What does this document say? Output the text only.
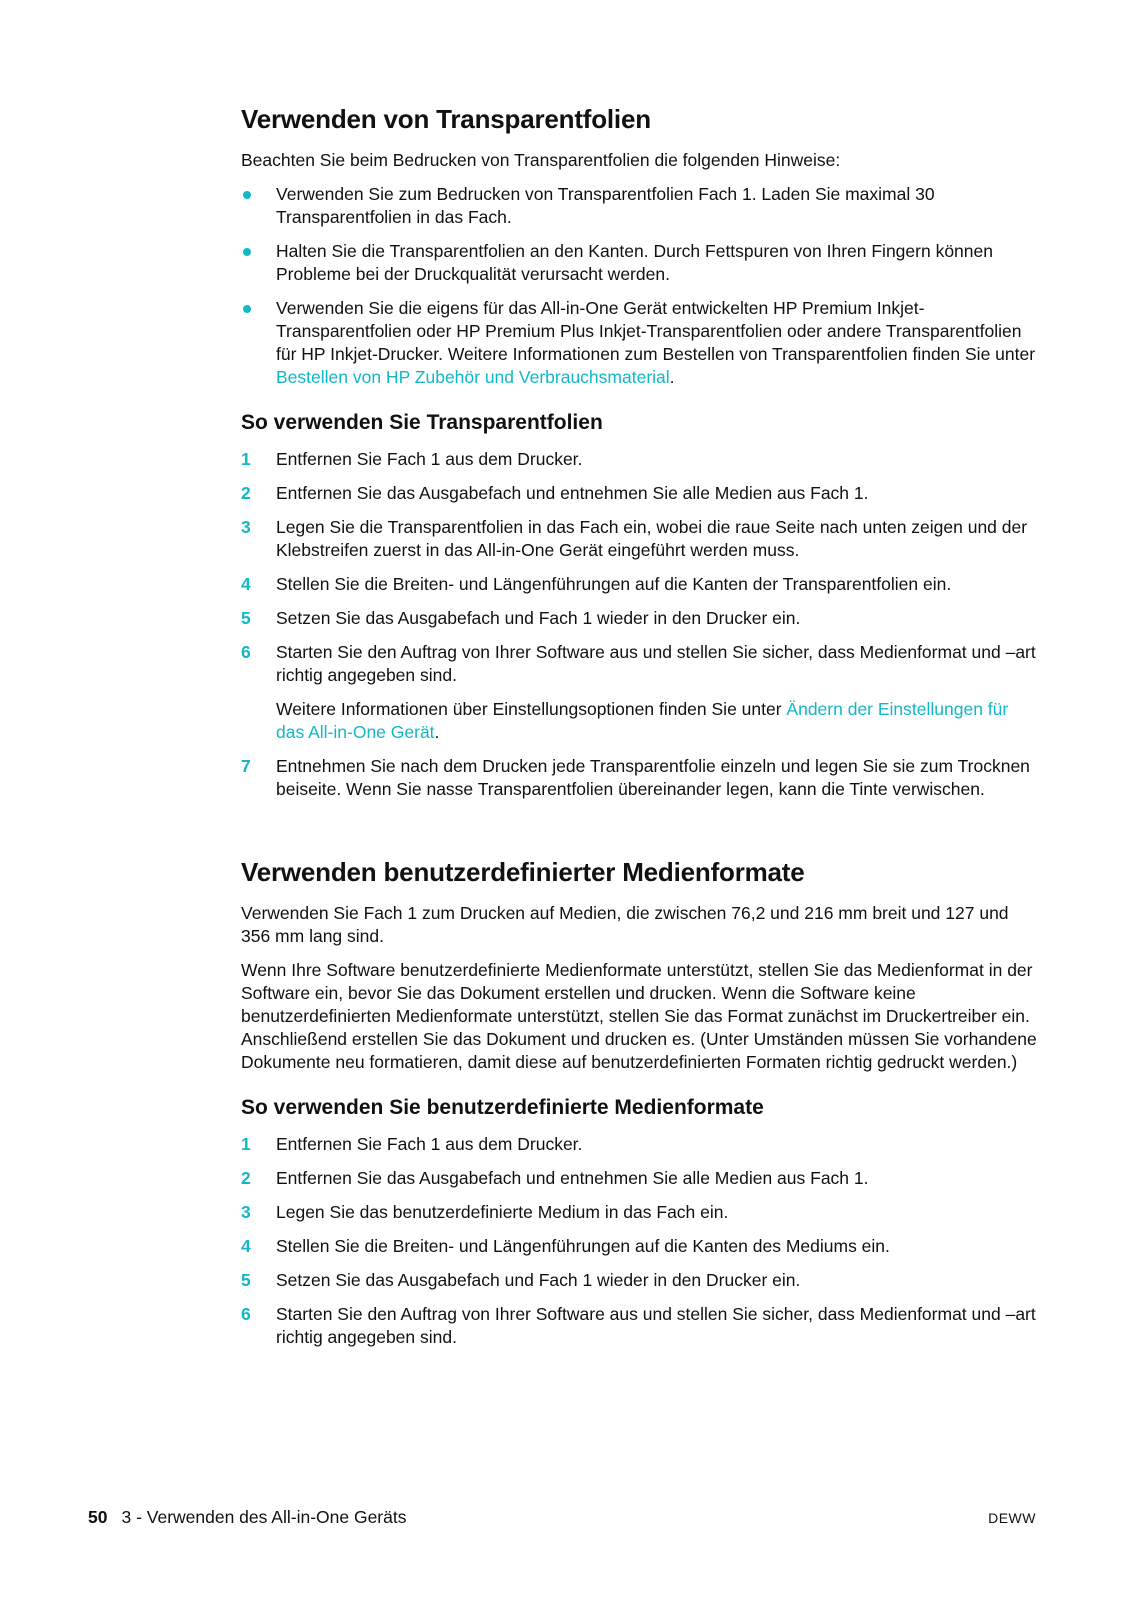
Verwenden von Transparentfolien

Beachten Sie beim Bedrucken von Transparentfolien die folgenden Hinweise:

Verwenden Sie zum Bedrucken von Transparentfolien Fach 1. Laden Sie maximal 30 Transparentfolien in das Fach.
Halten Sie die Transparentfolien an den Kanten. Durch Fettspuren von Ihren Fingern können Probleme bei der Druckqualität verursacht werden.
Verwenden Sie die eigens für das All-in-One Gerät entwickelten HP Premium Inkjet-Transparentfolien oder HP Premium Plus Inkjet-Transparentfolien oder andere Transparentfolien für HP Inkjet-Drucker. Weitere Informationen zum Bestellen von Transparentfolien finden Sie unter Bestellen von HP Zubehör und Verbrauchsmaterial.
So verwenden Sie Transparentfolien
1 Entfernen Sie Fach 1 aus dem Drucker.
2 Entfernen Sie das Ausgabefach und entnehmen Sie alle Medien aus Fach 1.
3 Legen Sie die Transparentfolien in das Fach ein, wobei die raue Seite nach unten zeigen und der Klebstreifen zuerst in das All-in-One Gerät eingeführt werden muss.
4 Stellen Sie die Breiten- und Längenführungen auf die Kanten der Transparentfolien ein.
5 Setzen Sie das Ausgabefach und Fach 1 wieder in den Drucker ein.
6 Starten Sie den Auftrag von Ihrer Software aus und stellen Sie sicher, dass Medienformat und –art richtig angegeben sind.
Weitere Informationen über Einstellungsoptionen finden Sie unter Ändern der Einstellungen für das All-in-One Gerät.
7 Entnehmen Sie nach dem Drucken jede Transparentfolie einzeln und legen Sie sie zum Trocknen beiseite. Wenn Sie nasse Transparentfolien übereinander legen, kann die Tinte verwischen.
Verwenden benutzerdefinierter Medienformate

Verwenden Sie Fach 1 zum Drucken auf Medien, die zwischen 76,2 und 216 mm breit und 127 und 356 mm lang sind.

Wenn Ihre Software benutzerdefinierte Medienformate unterstützt, stellen Sie das Medienformat in der Software ein, bevor Sie das Dokument erstellen und drucken. Wenn die Software keine benutzerdefinierten Medienformate unterstützt, stellen Sie das Format zunächst im Druckertreiber ein. Anschließend erstellen Sie das Dokument und drucken es. (Unter Umständen müssen Sie vorhandene Dokumente neu formatieren, damit diese auf benutzerdefinierten Formaten richtig gedruckt werden.)

So verwenden Sie benutzerdefinierte Medienformate
1 Entfernen Sie Fach 1 aus dem Drucker.
2 Entfernen Sie das Ausgabefach und entnehmen Sie alle Medien aus Fach 1.
3 Legen Sie das benutzerdefinierte Medium in das Fach ein.
4 Stellen Sie die Breiten- und Längenführungen auf die Kanten des Mediums ein.
5 Setzen Sie das Ausgabefach und Fach 1 wieder in den Drucker ein.
6 Starten Sie den Auftrag von Ihrer Software aus und stellen Sie sicher, dass Medienformat und –art richtig angegeben sind.
50 3 - Verwenden des All-in-One Geräts	DEWW
